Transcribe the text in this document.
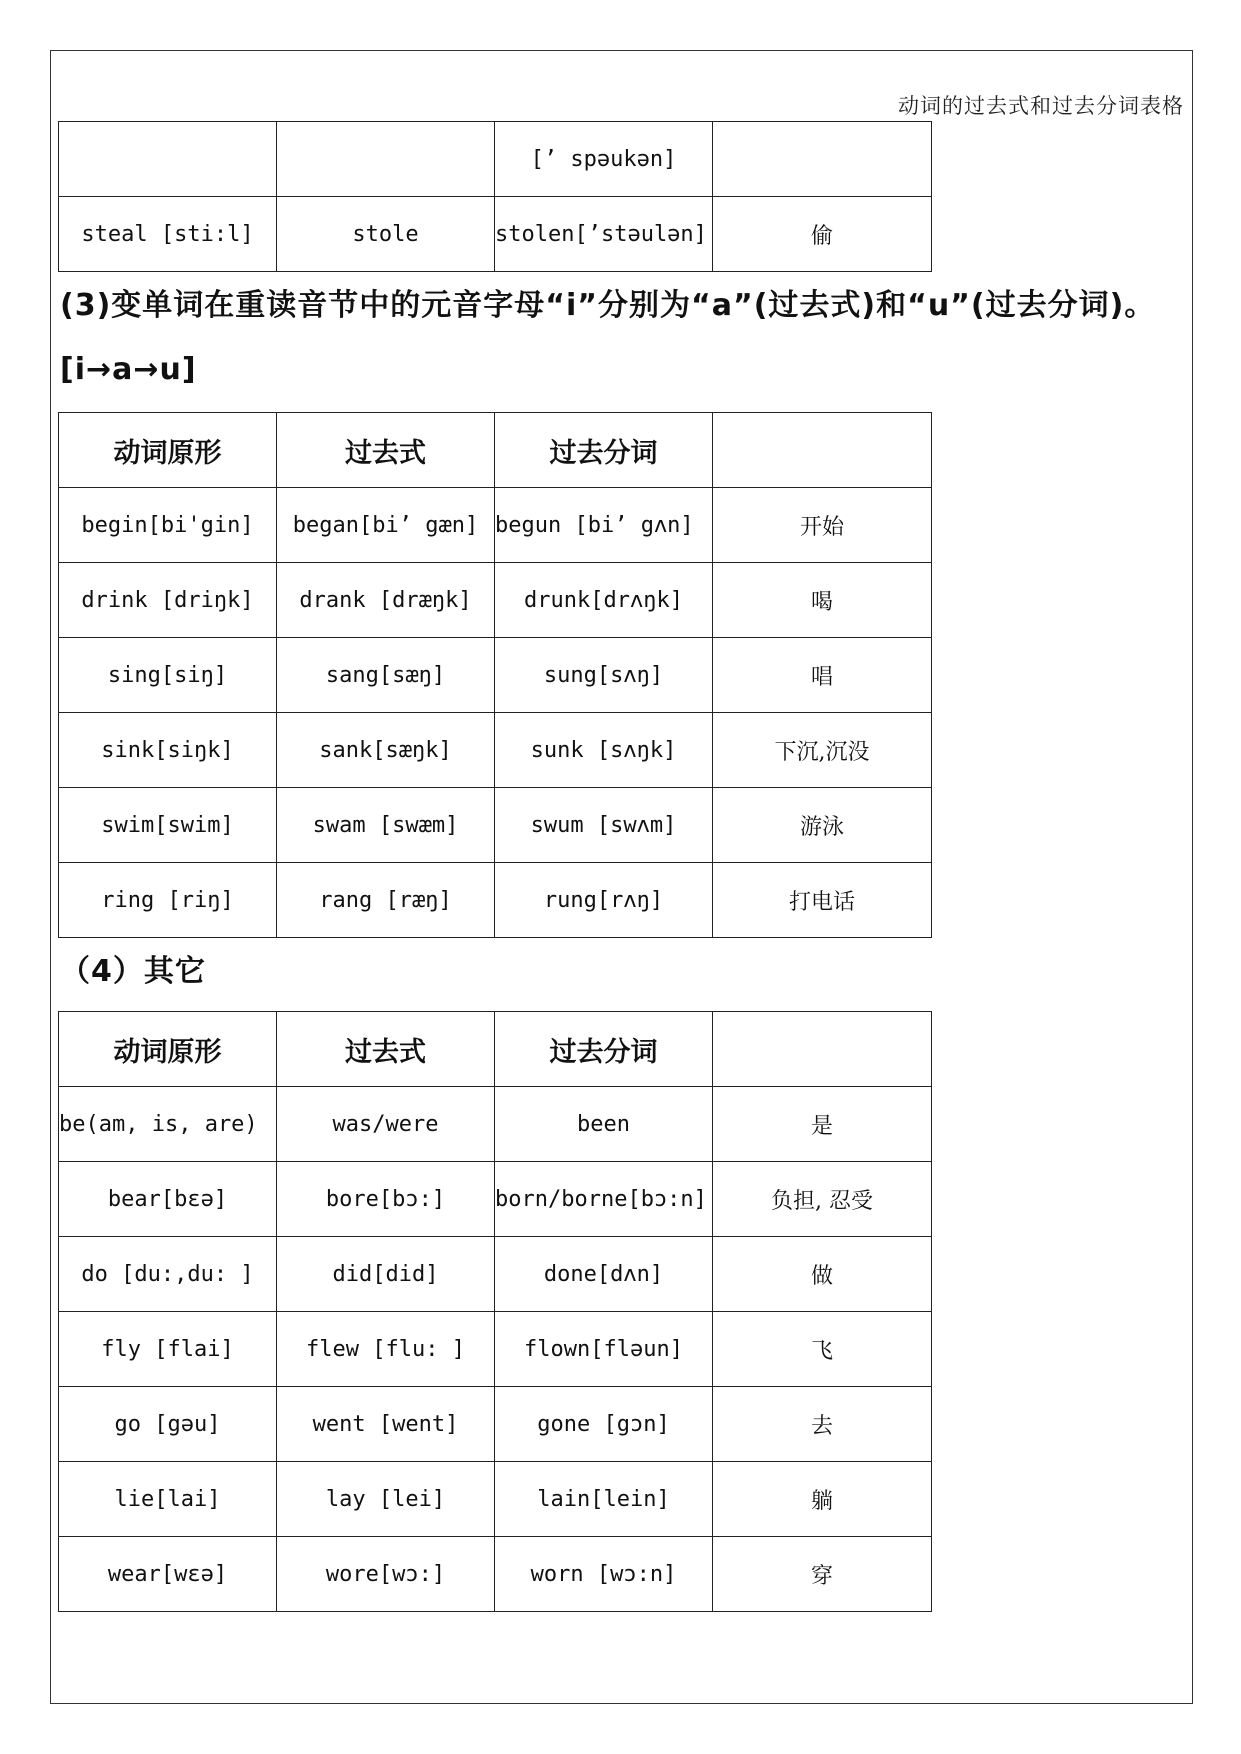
动词的过去式和过去分词表格
		[’ spəukən]	
steal [sti:l]	stole	stolen[’stəulən]	偷
(3)变单词在重读音节中的元音字母“i”分别为“a”(过去式)和“u”(过去分词)。[i→a→u]
动词原形	过去式	过去分词	
begin[bi'gin]	began[bi’ gæn]	begun [bi’ gʌn]	开始
drink [driŋk]	drank [dræŋk]	drunk[drʌŋk]	喝
sing[siŋ]	sang[sæŋ]	sung[sʌŋ]	唱
sink[siŋk]	sank[sæŋk]	sunk [sʌŋk]	下沉,沉没
swim[swim]	swam [swæm]	swum [swʌm]	游泳
ring [riŋ]	rang [ræŋ]	rung[rʌŋ]	打电话
（4）其它
动词原形	过去式	过去分词	
be(am, is, are)	was/were	been	是
bear[bɛə]	bore[bɔ:]	born/borne[bɔ:n]	负担, 忍受
do [du:,du: ]	did[did]	done[dʌn]	做
fly [flai]	flew [flu: ]	flown[fləun]	飞
go [gəu]	went [went]	gone [gɔn]	去
lie[lai]	lay [lei]	lain[lein]	躺
wear[wɛə]	wore[wɔ:]	worn [wɔ:n]	穿
